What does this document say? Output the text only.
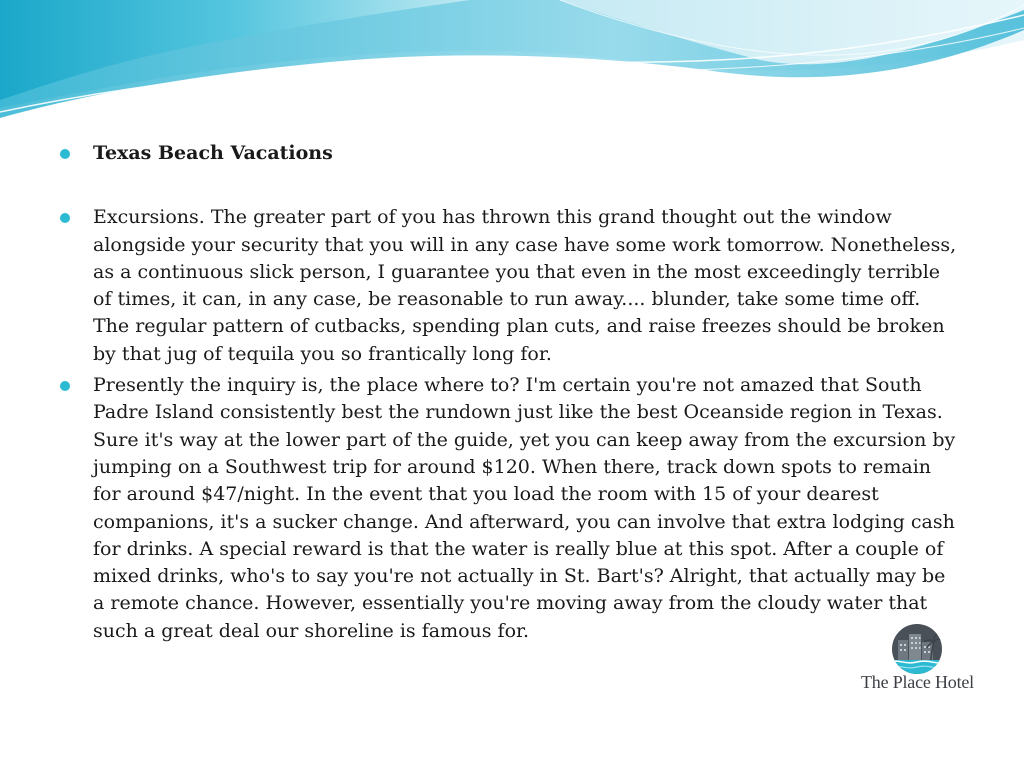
Texas Beach Vacations
Excursions. The greater part of you has thrown this grand thought out the window alongside your security that you will in any case have some work tomorrow. Nonetheless, as a continuous slick person, I guarantee you that even in the most exceedingly terrible of times, it can, in any case, be reasonable to run away.... blunder, take some time off. The regular pattern of cutbacks, spending plan cuts, and raise freezes should be broken by that jug of tequila you so frantically long for.
Presently the inquiry is, the place where to? I'm certain you're not amazed that South Padre Island consistently best the rundown just like the best Oceanside region in Texas. Sure it's way at the lower part of the guide, yet you can keep away from the excursion by jumping on a Southwest trip for around $120. When there, track down spots to remain for around $47/night. In the event that you load the room with 15 of your dearest companions, it's a sucker change. And afterward, you can involve that extra lodging cash for drinks. A special reward is that the water is really blue at this spot. After a couple of mixed drinks, who's to say you're not actually in St. Bart's? Alright, that actually may be a remote chance. However, essentially you're moving away from the cloudy water that such a great deal our shoreline is famous for.
The Place Hotel
